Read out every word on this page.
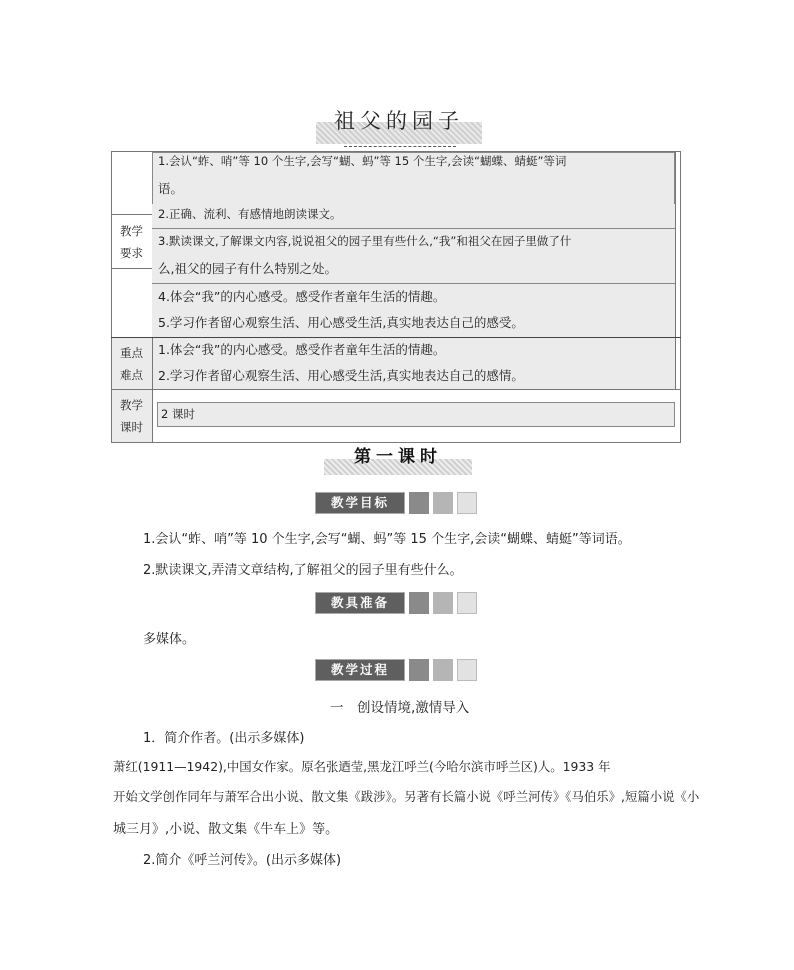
祖父的园子
教学
要求
1.会认“蚱、哨”等 10 个生字,会写“蝴、蚂”等 15 个生字,会读“蝴蝶、蜻蜓”等词
语。
2.正确、流利、有感情地朗读课文。
3.默读课文,了解课文内容,说说祖父的园子里有些什么,“我”和祖父在园子里做了什
么,祖父的园子有什么特别之处。
4.体会“我”的内心感受。感受作者童年生活的情趣。
5.学习作者留心观察生活、用心感受生活,真实地表达自己的感受。
重点
难点
1.体会“我”的内心感受。感受作者童年生活的情趣。
2.学习作者留心观察生活、用心感受生活,真实地表达自己的感情。
教学
课时
2 课时
第一课时
教学目标
1.会认“蚱、哨”等 10 个生字,会写“蝴、蚂”等 15 个生字,会读“蝴蝶、蜻蜓”等词语。
2.默读课文,弄清文章结构,了解祖父的园子里有些什么。
教具准备
多媒体。
教学过程
一　创设情境,激情导入
1．简介作者。(出示多媒体)
萧红(1911—1942),中国女作家。原名张迺莹,黑龙江呼兰(今哈尔滨市呼兰区)人。1933 年
开始文学创作同年与萧军合出小说、散文集《跋涉》。另著有长篇小说《呼兰河传》《马伯乐》,短篇小说《小
城三月》,小说、散文集《牛车上》等。
2.简介《呼兰河传》。(出示多媒体)
